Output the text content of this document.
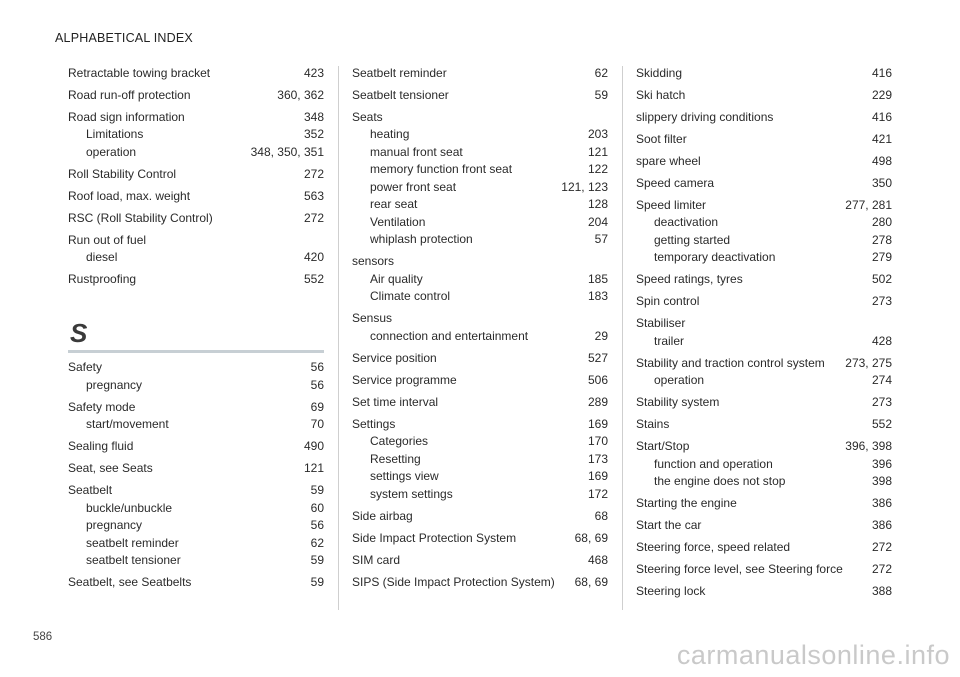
ALPHABETICAL INDEX
Retractable towing bracket	423
Road run-off protection	360, 362
Road sign information	348
Limitations	352
operation	348, 350, 351
Roll Stability Control	272
Roof load, max. weight	563
RSC (Roll Stability Control)	272
Run out of fuel
diesel	420
Rustproofing	552
S
Safety	56
pregnancy	56
Safety mode	69
start/movement	70
Sealing fluid	490
Seat, see Seats	121
Seatbelt	59
buckle/unbuckle	60
pregnancy	56
seatbelt reminder	62
seatbelt tensioner	59
Seatbelt, see Seatbelts	59
Seatbelt reminder	62
Seatbelt tensioner	59
Seats
heating	203
manual front seat	121
memory function front seat	122
power front seat	121, 123
rear seat	128
Ventilation	204
whiplash protection	57
sensors
Air quality	185
Climate control	183
Sensus
connection and entertainment	29
Service position	527
Service programme	506
Set time interval	289
Settings	169
Categories	170
Resetting	173
settings view	169
system settings	172
Side airbag	68
Side Impact Protection System	68, 69
SIM card	468
SIPS (Side Impact Protection System)	68, 69
Skidding	416
Ski hatch	229
slippery driving conditions	416
Soot filter	421
spare wheel	498
Speed camera	350
Speed limiter	277, 281
deactivation	280
getting started	278
temporary deactivation	279
Speed ratings, tyres	502
Spin control	273
Stabiliser
trailer	428
Stability and traction control system	273, 275
operation	274
Stability system	273
Stains	552
Start/Stop	396, 398
function and operation	396
the engine does not stop	398
Starting the engine	386
Start the car	386
Steering force, speed related	272
Steering force level, see Steering force	272
Steering lock	388
586
carmanualsonline.info
